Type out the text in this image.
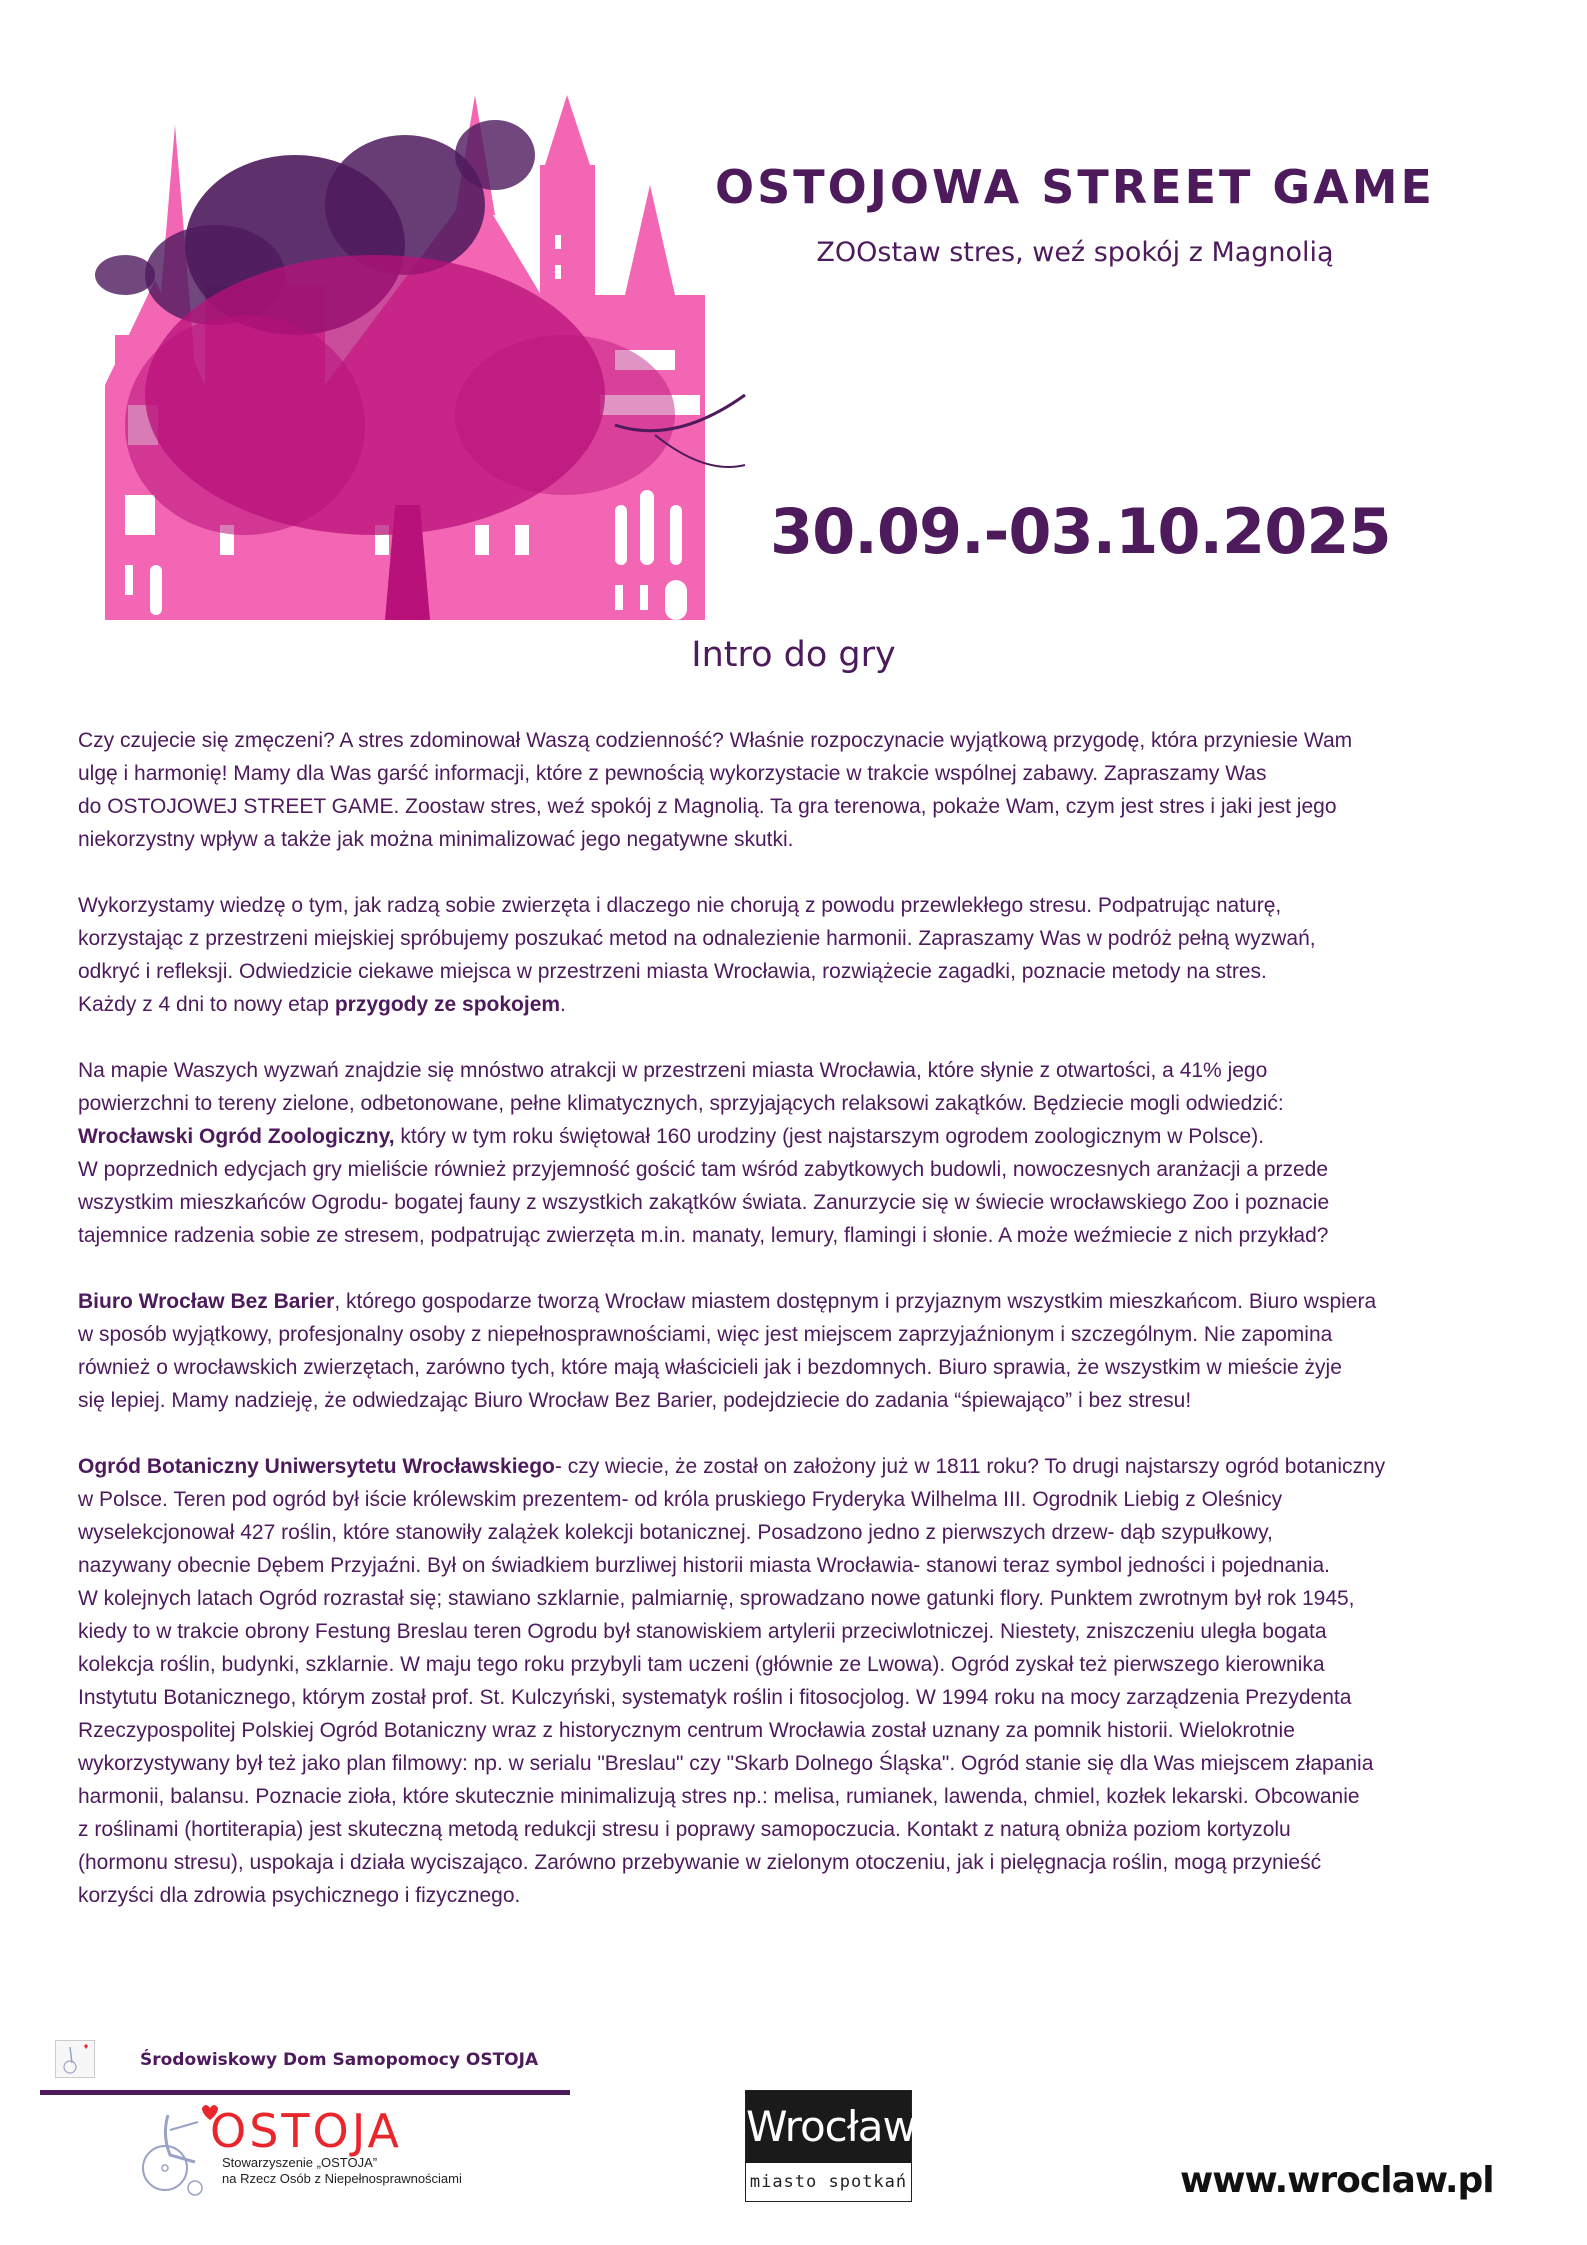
OSTOJOWA STREET GAME
ZOOstaw stres, weź spokój z Magnolią
30.09.-03.10.2025
Intro do gry
Czy czujecie się zmęczeni? A stres zdominował Waszą codzienność? Właśnie rozpoczynacie wyjątkową przygodę, która przyniesie Wam
ulgę i harmonię! Mamy dla Was garść informacji, które z pewnością wykorzystacie w trakcie wspólnej zabawy. Zapraszamy Was
do OSTOJOWEJ STREET GAME. Zoostaw stres, weź spokój z Magnolią. Ta gra terenowa, pokaże Wam, czym jest stres i jaki jest jego
niekorzystny wpływ a także jak można minimalizować jego negatywne skutki.
Wykorzystamy wiedzę o tym, jak radzą sobie zwierzęta i dlaczego nie chorują z powodu przewlekłego stresu. Podpatrując naturę,
korzystając z przestrzeni miejskiej spróbujemy poszukać metod na odnalezienie harmonii. Zapraszamy Was w podróż pełną wyzwań,
odkryć i refleksji. Odwiedzicie ciekawe miejsca w przestrzeni miasta Wrocławia, rozwiążecie zagadki, poznacie metody na stres.
Każdy z 4 dni to nowy etap przygody ze spokojem.
Na mapie Waszych wyzwań znajdzie się mnóstwo atrakcji w przestrzeni miasta Wrocławia, które słynie z otwartości, a 41% jego
powierzchni to tereny zielone, odbetonowane, pełne klimatycznych, sprzyjających relaksowi zakątków. Będziecie mogli odwiedzić:
Wrocławski Ogród Zoologiczny, który w tym roku świętował 160 urodziny (jest najstarszym ogrodem zoologicznym w Polsce).
W poprzednich edycjach gry mieliście również przyjemność gościć tam wśród zabytkowych budowli, nowoczesnych aranżacji a przede
wszystkim mieszkańców Ogrodu- bogatej fauny z wszystkich zakątków świata. Zanurzycie się w świecie wrocławskiego Zoo i poznacie
tajemnice radzenia sobie ze stresem, podpatrując zwierzęta m.in. manaty, lemury, flamingi i słonie. A może weźmiecie z nich przykład?
Biuro Wrocław Bez Barier, którego gospodarze tworzą Wrocław miastem dostępnym i przyjaznym wszystkim mieszkańcom. Biuro wspiera
w sposób wyjątkowy, profesjonalny osoby z niepełnosprawnościami, więc jest miejscem zaprzyjaźnionym i szczególnym. Nie zapomina
również o wrocławskich zwierzętach, zarówno tych, które mają właścicieli jak i bezdomnych. Biuro sprawia, że wszystkim w mieście żyje
się lepiej. Mamy nadzieję, że odwiedzając Biuro Wrocław Bez Barier, podejdziecie do zadania “śpiewająco” i bez stresu!
Ogród Botaniczny Uniwersytetu Wrocławskiego- czy wiecie, że został on założony już w 1811 roku? To drugi najstarszy ogród botaniczny
w Polsce. Teren pod ogród był iście królewskim prezentem- od króla pruskiego Fryderyka Wilhelma III. Ogrodnik Liebig z Oleśnicy
wyselekcjonował 427 roślin, które stanowiły zalążek kolekcji botanicznej. Posadzono jedno z pierwszych drzew- dąb szypułkowy,
nazywany obecnie Dębem Przyjaźni. Był on świadkiem burzliwej historii miasta Wrocławia- stanowi teraz symbol jedności i pojednania.
W kolejnych latach Ogród rozrastał się; stawiano szklarnie, palmiarnię, sprowadzano nowe gatunki flory. Punktem zwrotnym był rok 1945,
kiedy to w trakcie obrony Festung Breslau teren Ogrodu był stanowiskiem artylerii przeciwlotniczej. Niestety, zniszczeniu uległa bogata
kolekcja roślin, budynki, szklarnie. W maju tego roku przybyli tam uczeni (głównie ze Lwowa). Ogród zyskał też pierwszego kierownika
Instytutu Botanicznego, którym został prof. St. Kulczyński, systematyk roślin i fitosocjolog. W 1994 roku na mocy zarządzenia Prezydenta
Rzeczypospolitej Polskiej Ogród Botaniczny wraz z historycznym centrum Wrocławia został uznany za pomnik historii. Wielokrotnie
wykorzystywany był też jako plan filmowy: np. w serialu "Breslau" czy "Skarb Dolnego Śląska". Ogród stanie się dla Was miejscem złapania
harmonii, balansu. Poznacie zioła, które skutecznie minimalizują stres np.: melisa, rumianek, lawenda, chmiel, kozłek lekarski. Obcowanie
z roślinami (hortiterapia) jest skuteczną metodą redukcji stresu i poprawy samopoczucia. Kontakt z naturą obniża poziom kortyzolu
(hormonu stresu), uspokaja i działa wyciszająco. Zarówno przebywanie w zielonym otoczeniu, jak i pielęgnacja roślin, mogą przynieść
korzyści dla zdrowia psychicznego i fizycznego.
Środowiskowy Dom Samopomocy OSTOJA
OSTOJA
Stowarzyszenie „OSTOJA”
na Rzecz Osób z Niepełnosprawnościami
Wrocław
miasto spotkań	www.wroclaw.pl
